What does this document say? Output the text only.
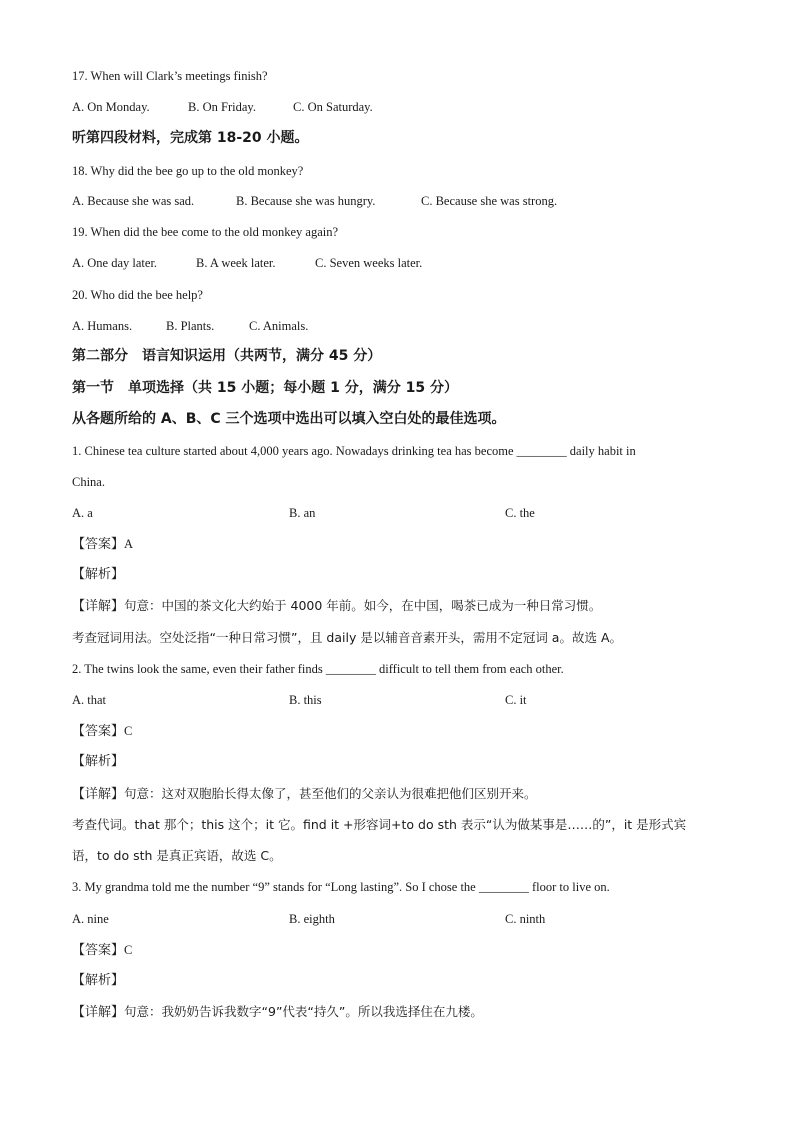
17. When will Clark’s meetings finish?
A. On Monday.	B. On Friday.	C. On Saturday.
听第四段材料，完成第 18-20 小题。
18. Why did the bee go up to the old monkey?
A. Because she was sad.	B. Because she was hungry.	C. Because she was strong.
19. When did the bee come to the old monkey again?
A. One day later.	B. A week later.	C. Seven weeks later.
20. Who did the bee help?
A. Humans.	B. Plants.	C. Animals.
第二部分　语言知识运用（共两节，满分 45 分）
第一节　单项选择（共 15 小题；每小题 1 分，满分 15 分）
从各题所给的 A、B、C 三个选项中选出可以填入空白处的最佳选项。
1. Chinese tea culture started about 4,000 years ago. Nowadays drinking tea has become ________ daily habit in
China.
A. a	B. an	C. the
【答案】A
【解析】
【详解】句意：中国的茶文化大约始于 4000 年前。如今，在中国，喝茶已成为一种日常习惯。
考查冠词用法。空处泛指“一种日常习惯”，且 daily 是以辅音音素开头，需用不定冠词 a。故选 A。
2. The twins look the same, even their father finds ________ difficult to tell them from each other.
A. that	B. this	C. it
【答案】C
【解析】
【详解】句意：这对双胞胎长得太像了，甚至他们的父亲认为很难把他们区别开来。
考查代词。that 那个；this 这个；it 它。find it +形容词+to do sth 表示“认为做某事是……的”，it 是形式宾
语，to do sth 是真正宾语，故选 C。
3. My grandma told me the number “9” stands for “Long lasting”. So I chose the ________ floor to live on.
A. nine	B. eighth	C. ninth
【答案】C
【解析】
【详解】句意：我奶奶告诉我数字“9”代表“持久”。所以我选择住在九楼。
